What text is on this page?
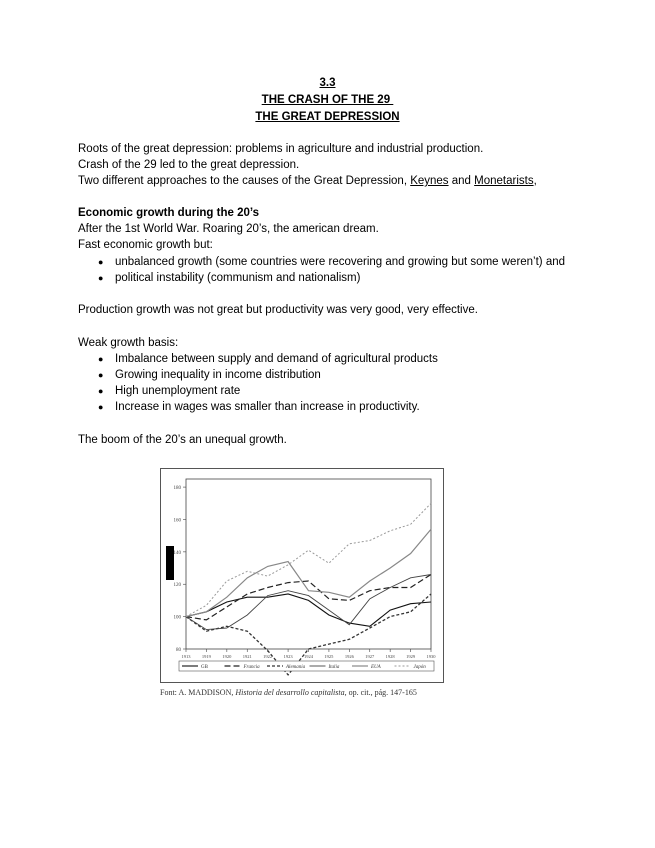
3.3
THE CRASH OF THE 29
THE GREAT DEPRESSION
Roots of the great depression: problems in agriculture and industrial production.
Crash of the 29 led to the great depression.
Two different approaches to the causes of the Great Depression, Keynes and Monetarists,
Economic growth during the 20’s
After the 1st World War. Roaring 20’s, the american dream.
Fast economic growth but:
● unbalanced growth (some countries were recovering and growing but some weren’t) and
● political instability (communism and nationalism)
Production growth was not great but productivity was very good, very effective.
Weak growth basis:
● Imbalance between supply and demand of agricultural products
● Growing inequality in income distribution
● High unemployment rate
● Increase in wages was smaller than increase in productivity.
The boom of the 20’s an unequal growth.
80
100
120
140
160
180
1913	1919	1920	1921	1922	1923	1924	1925	1926	1927	1928	1929	1930
GB	Francia	Alemania	Italia	EUA	Japón
Font: A. MADDISON, Historia del desarrollo capitalista, op. cit., pág. 147-165
